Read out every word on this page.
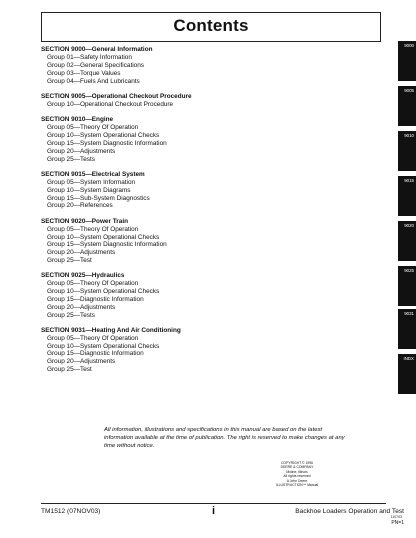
Contents
SECTION 9000—General Information
Group 01—Safety Information
Group 02—General Specifications
Group 03—Torque Values
Group 04—Fuels And Lubricants
SECTION 9005—Operational Checkout Procedure
Group 10—Operational Checkout Procedure
SECTION 9010—Engine
Group 05—Theory Of Operation
Group 10—System Operational Checks
Group 15—System Diagnostic Information
Group 20—Adjustments
Group 25—Tests
SECTION 9015—Electrical System
Group 05—System Information
Group 10—System Diagrams
Group 15—Sub-System Diagnostics
Group 20—References
SECTION 9020—Power Train
Group 05—Theory Of Operation
Group 10—System Operational Checks
Group 15—System Diagnostic Information
Group 20—Adjustments
Group 25—Test
SECTION 9025—Hydraulics
Group 05—Theory Of Operation
Group 10—System Operational Checks
Group 15—Diagnostic Information
Group 20—Adjustments
Group 25—Tests
SECTION 9031—Heating And Air Conditioning
Group 05—Theory Of Operation
Group 10—System Operational Checks
Group 15—Diagnostic Information
Group 20—Adjustments
Group 25—Test
9000
9005
9010
9015
9020
9025
9031
INDX
All information, illustrations and specifications in this manual are based on the latest information available at the time of publication. The right is reserved to make changes at any time without notice.
COPYRIGHT © 1996
DEERE & COMPANY
Moline, Illinois
All rights reserved
A John Deere ILLUSTRUCTION™ Manual
TM1512 (07NOV03)	i	Backhoe Loaders Operation and Test
110703
PN=1
